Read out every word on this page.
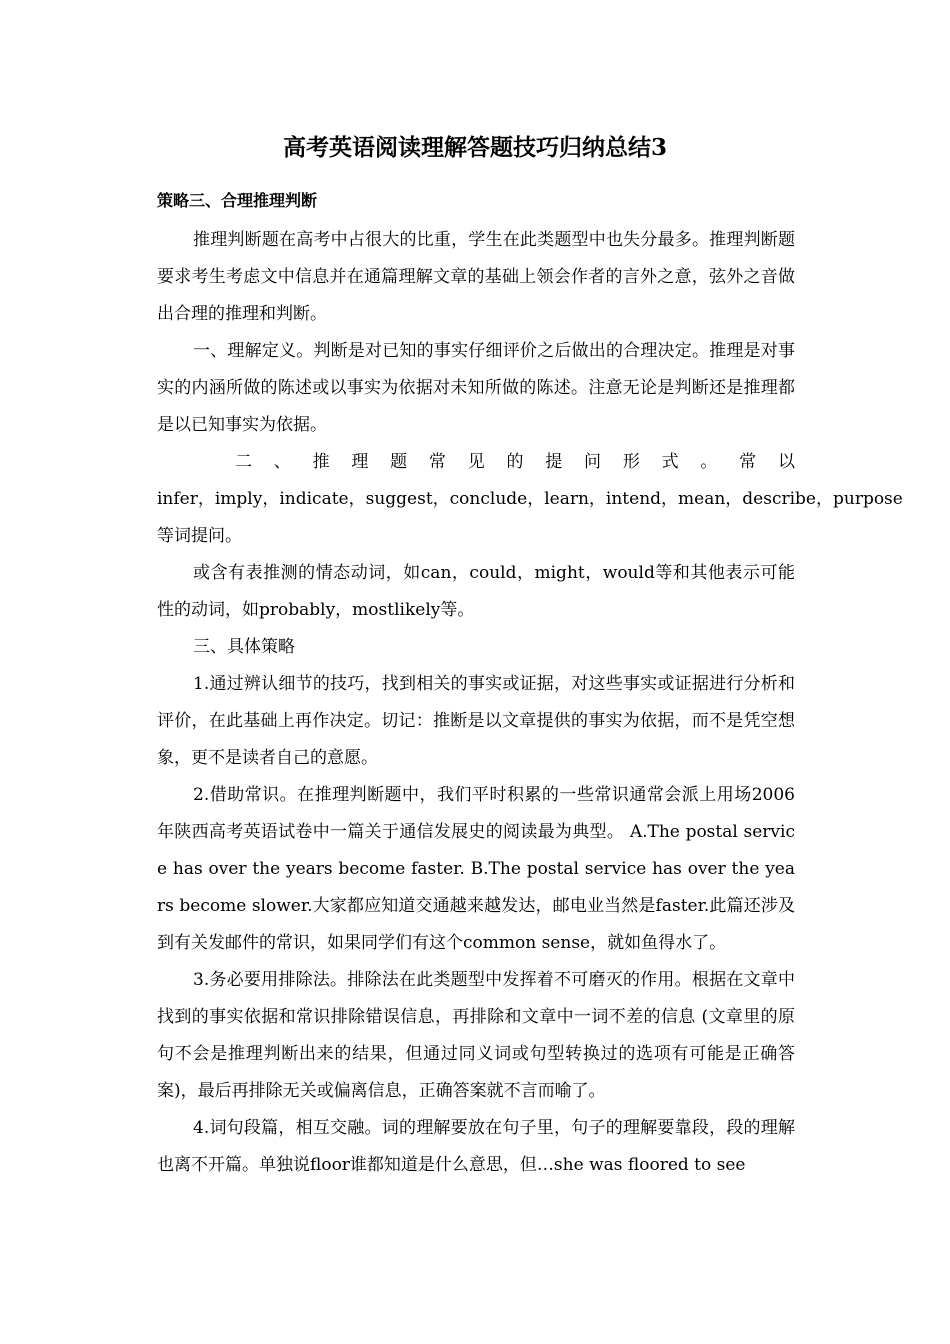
高考英语阅读理解答题技巧归纳总结3
策略三、合理推理判断

推理判断题在高考中占很大的比重，学生在此类题型中也失分最多。推理判断题要求考生考虑文中信息并在通篇理解文章的基础上领会作者的言外之意，弦外之音做出合理的推理和判断。

一、理解定义。判断是对已知的事实仔细评价之后做出的合理决定。推理是对事实的内涵所做的陈述或以事实为依据对未知所做的陈述。注意无论是判断还是推理都是以已知事实为依据。

二 、 推 理 题 常 见 的 提 问 形 式 。 常 以

infer，imply，indicate，suggest，conclude，learn，intend，mean，describe，purpose

等词提问。

或含有表推测的情态动词，如can，could，might，would等和其他表示可能性的动词，如probably，mostlikely等。

三、具体策略

1.通过辨认细节的技巧，找到相关的事实或证据，对这些事实或证据进行分析和评价，在此基础上再作决定。切记：推断是以文章提供的事实为依据，而不是凭空想象，更不是读者自己的意愿。

2.借助常识。在推理判断题中，我们平时积累的一些常识通常会派上用场2006年陕西高考英语试卷中一篇关于通信发展史的阅读最为典型。 A.The postal service has over the years become faster. B.The postal service has over the years become slower.大家都应知道交通越来越发达，邮电业当然是faster.此篇还涉及到有关发邮件的常识，如果同学们有这个common sense，就如鱼得水了。

3.务必要用排除法。排除法在此类题型中发挥着不可磨灭的作用。根据在文章中找到的事实依据和常识排除错误信息，再排除和文章中一词不差的信息 (文章里的原句不会是推理判断出来的结果，但通过同义词或句型转换过的选项有可能是正确答案)，最后再排除无关或偏离信息，正确答案就不言而喻了。

4.词句段篇，相互交融。词的理解要放在句子里，句子的理解要靠段，段的理解也离不开篇。单独说floor谁都知道是什么意思，但…she was floored to see
